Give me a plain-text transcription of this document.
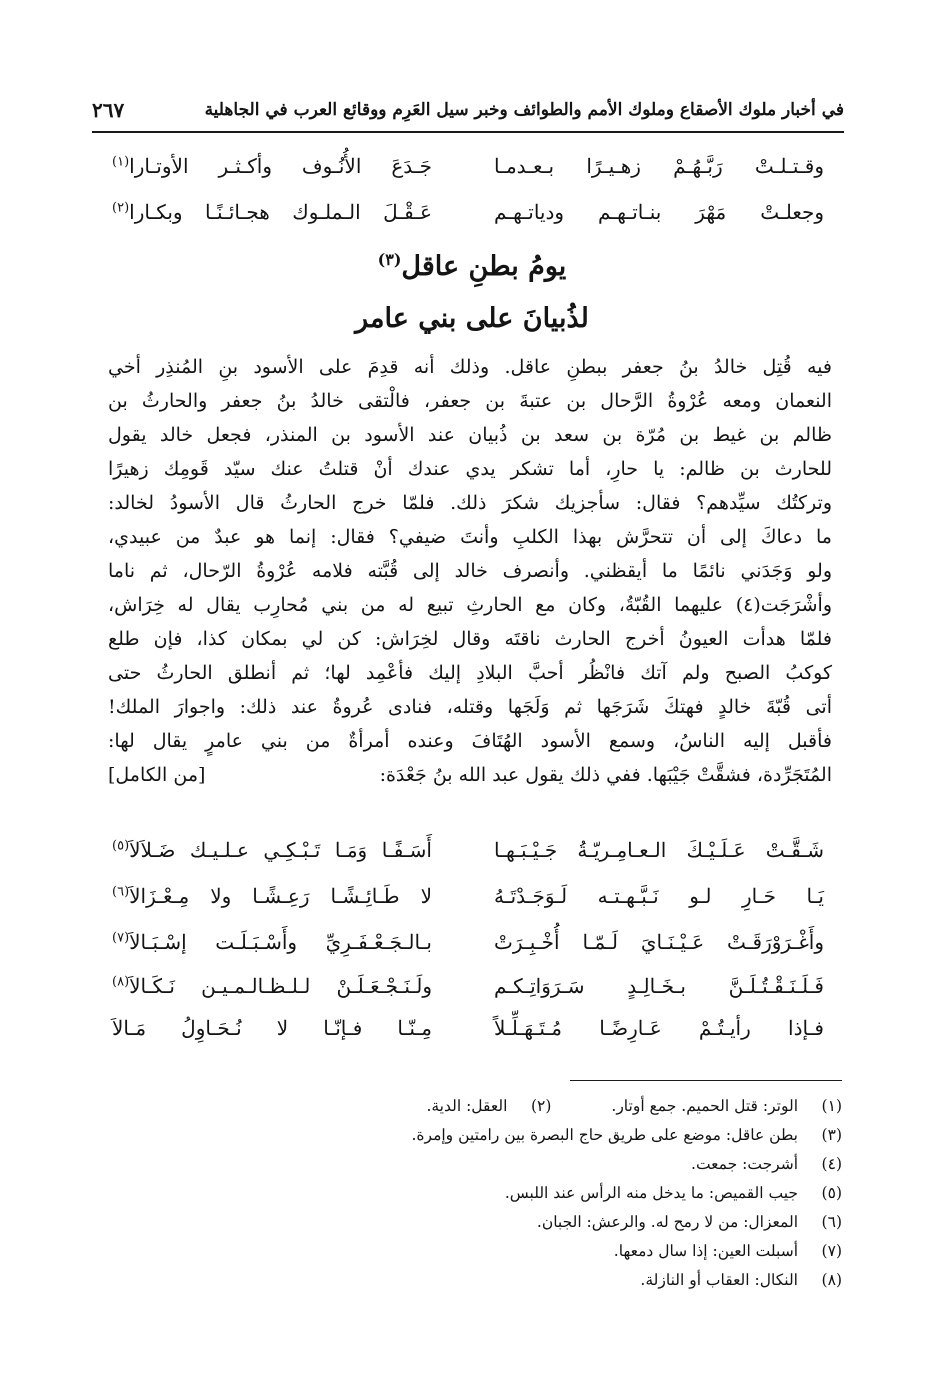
في أخبار ملوك الأصقاع وملوك الأمم والطوائف وخبر سيل العَرِم ووقائع العرب في الجاهلية
٢٦٧
وقـتـلـتْ رَبَّـهُـمْ زهـيـرًا بـعـدمـا
جَـدَعَ الأُنُـوف وأكـثـر الأوتـارا$^{(١)}$
وجعلـتْ مَهْرَ بنـاتـهـم ودياتـهـم
عَـقْـلَ الـملـوك هجـائـنًـا وبكـارا$^{(٢)}$
يومُ بطنِ عاقل$^{(٣)}$
لذُبيانَ على بني عامر
فيه قُتِل خالدُ بنُ جعفر ببطنِ عاقل. وذلك أنه قدِمَ على الأسود بنِ المُنذِر أخي
النعمان ومعه عُرْوةُ الرَّحال بن عتبةَ بن جعفر، فالْتقى خالدُ بنُ جعفر والحارثُ بن
ظالم بن غيط بن مُرّة بن سعد بن ذُبيان عند الأسود بن المنذر، فجعل خالد يقول
للحارث بن ظالم: يا حارِ، أما تشكر يدي عندك أنْ قتلتُ عنك سيّد قَومِك زهيرًا
وتركتُك سيِّدهم؟ فقال: سأجزيك شكرَ ذلك. فلمّا خرج الحارثُ قال الأسودُ لخالد:
ما دعاكَ إلى أن تتحرَّش بهذا الكلبِ وأنتَ ضيفي؟ فقال: إنما هو عبدٌ من عبيدي،
ولو وَجَدَني نائمًا ما أيقظني. وأنصرف خالد إلى قُبَّته فلامه عُرْوةُ الرّحال، ثم ناما
وأشْرَجَت(٤) عليهما القُبّةُ، وكان مع الحارثِ تبيع له من بني مُحارِب يقال له خِرَاش،
فلمّا هدأت العيونُ أخرج الحارث ناقتَه وقال لخِرَاش: كن لي بمكان كذا، فإن طلع
كوكبُ الصبح ولم آتك فانْظُر أحبَّ البلادِ إليك فأعْمِد لها؛ ثم أنطلق الحارثُ حتى
أتى قُبّةَ خالدٍ فهتكَ شَرَجَها ثم وَلَجَها وقتله، فنادى عُروةُ عند ذلك: واجوارَ الملك!
فأقبل إليه الناسُ، وسمع الأسود الهُتَافَ وعنده أمرأةٌ من بني عامرٍ يقال لها:
المُتَجَرِّدة، فشقَّتْ جَيْبَها. ففي ذلك يقول عبد الله بنُ جَعْدَة:
[من الكامل]
شَـقَّـتْ عَـلَـيْـكَ الـعـامِـريّـةُ جَـيْـبَـهـا
أَسَـفًـا وَمَـا تَـبْـكِـي عـلـيـك ضَـلاَلاَ$^{(٥)}$
يَـا حَـارِ لـو نَـبَّـهـتـه لَـوَجَـدْتَـهُ
لا طَـائِـشًـا رَعِـشًـا ولا مِـعْـزَالاَ$^{(٦)}$
وأَغْـرَوْرَقَـتْ عَـيْـنَـايَ لَـمّـا أُخْـبِـرَتْ
بـالـجَـعْـفَـرِيِّ وأَسْـبَـلَـت إسْـبَـالاَ$^{(٧)}$
فَـلَـنَـقْـتُـلَـنَّ بـخَـالِـدٍ سَـرَوَاتِـكـم
ولَـنَـجْـعَـلَـنْ لـلـظـالـمـيـن نَـكَـالاَ$^{(٨)}$
فـإذا رأيـتُـمْ عَـارِضًـا مُـتَـهَـلِّـلاً
مِـنّـا فـإنّـا لا نُـحَـاوِلُ مَـالاَ
(١)الوتر: قتل الحميم. جمع أوتار.(٢)العقل: الدية.
(٣)بطن عاقل: موضع على طريق حاج البصرة بين رامتين وإمرة.
(٤)أشرجت: جمعت.
(٥)جيب القميص: ما يدخل منه الرأس عند اللبس.
(٦)المعزال: من لا رمح له. والرعش: الجبان.
(٧)أسبلت العين: إذا سال دمعها.
(٨)النكال: العقاب أو النازلة.
